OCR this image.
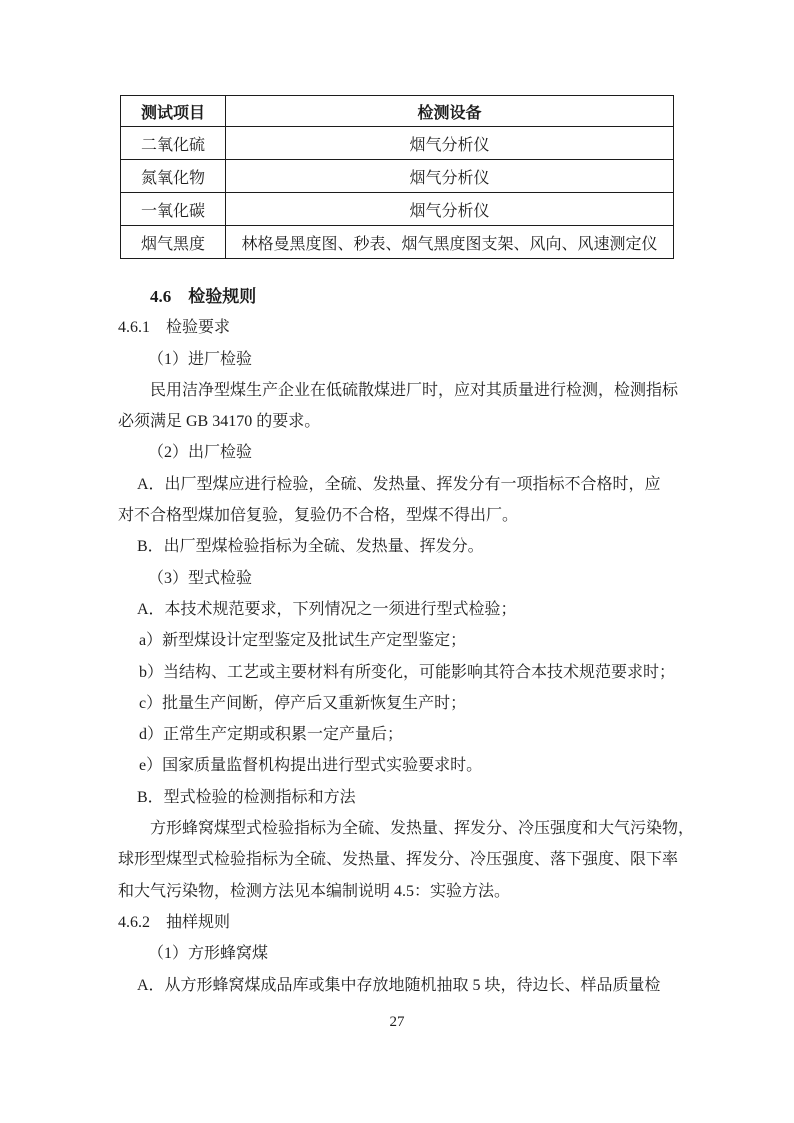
测试项目	检测设备
二氧化硫	烟气分析仪
氮氧化物	烟气分析仪
一氧化碳	烟气分析仪
烟气黑度	林格曼黑度图、秒表、烟气黑度图支架、风向、风速测定仪
4.6　检验规则
4.6.1　检验要求
（1）进厂检验
民用洁净型煤生产企业在低硫散煤进厂时，应对其质量进行检测，检测指标
必须满足 GB 34170 的要求。
（2）出厂检验
A．出厂型煤应进行检验，全硫、发热量、挥发分有一项指标不合格时，应
对不合格型煤加倍复验，复验仍不合格，型煤不得出厂。
B．出厂型煤检验指标为全硫、发热量、挥发分。
（3）型式检验
A．本技术规范要求，下列情况之一须进行型式检验；
a）新型煤设计定型鉴定及批试生产定型鉴定；
b）当结构、工艺或主要材料有所变化，可能影响其符合本技术规范要求时；
c）批量生产间断，停产后又重新恢复生产时；
d）正常生产定期或积累一定产量后；
e）国家质量监督机构提出进行型式实验要求时。
B．型式检验的检测指标和方法
方形蜂窝煤型式检验指标为全硫、发热量、挥发分、冷压强度和大气污染物，
球形型煤型式检验指标为全硫、发热量、挥发分、冷压强度、落下强度、限下率
和大气污染物，检测方法见本编制说明 4.5：实验方法。
4.6.2　抽样规则
（1）方形蜂窝煤
A．从方形蜂窝煤成品库或集中存放地随机抽取 5 块，待边长、样品质量检
27
